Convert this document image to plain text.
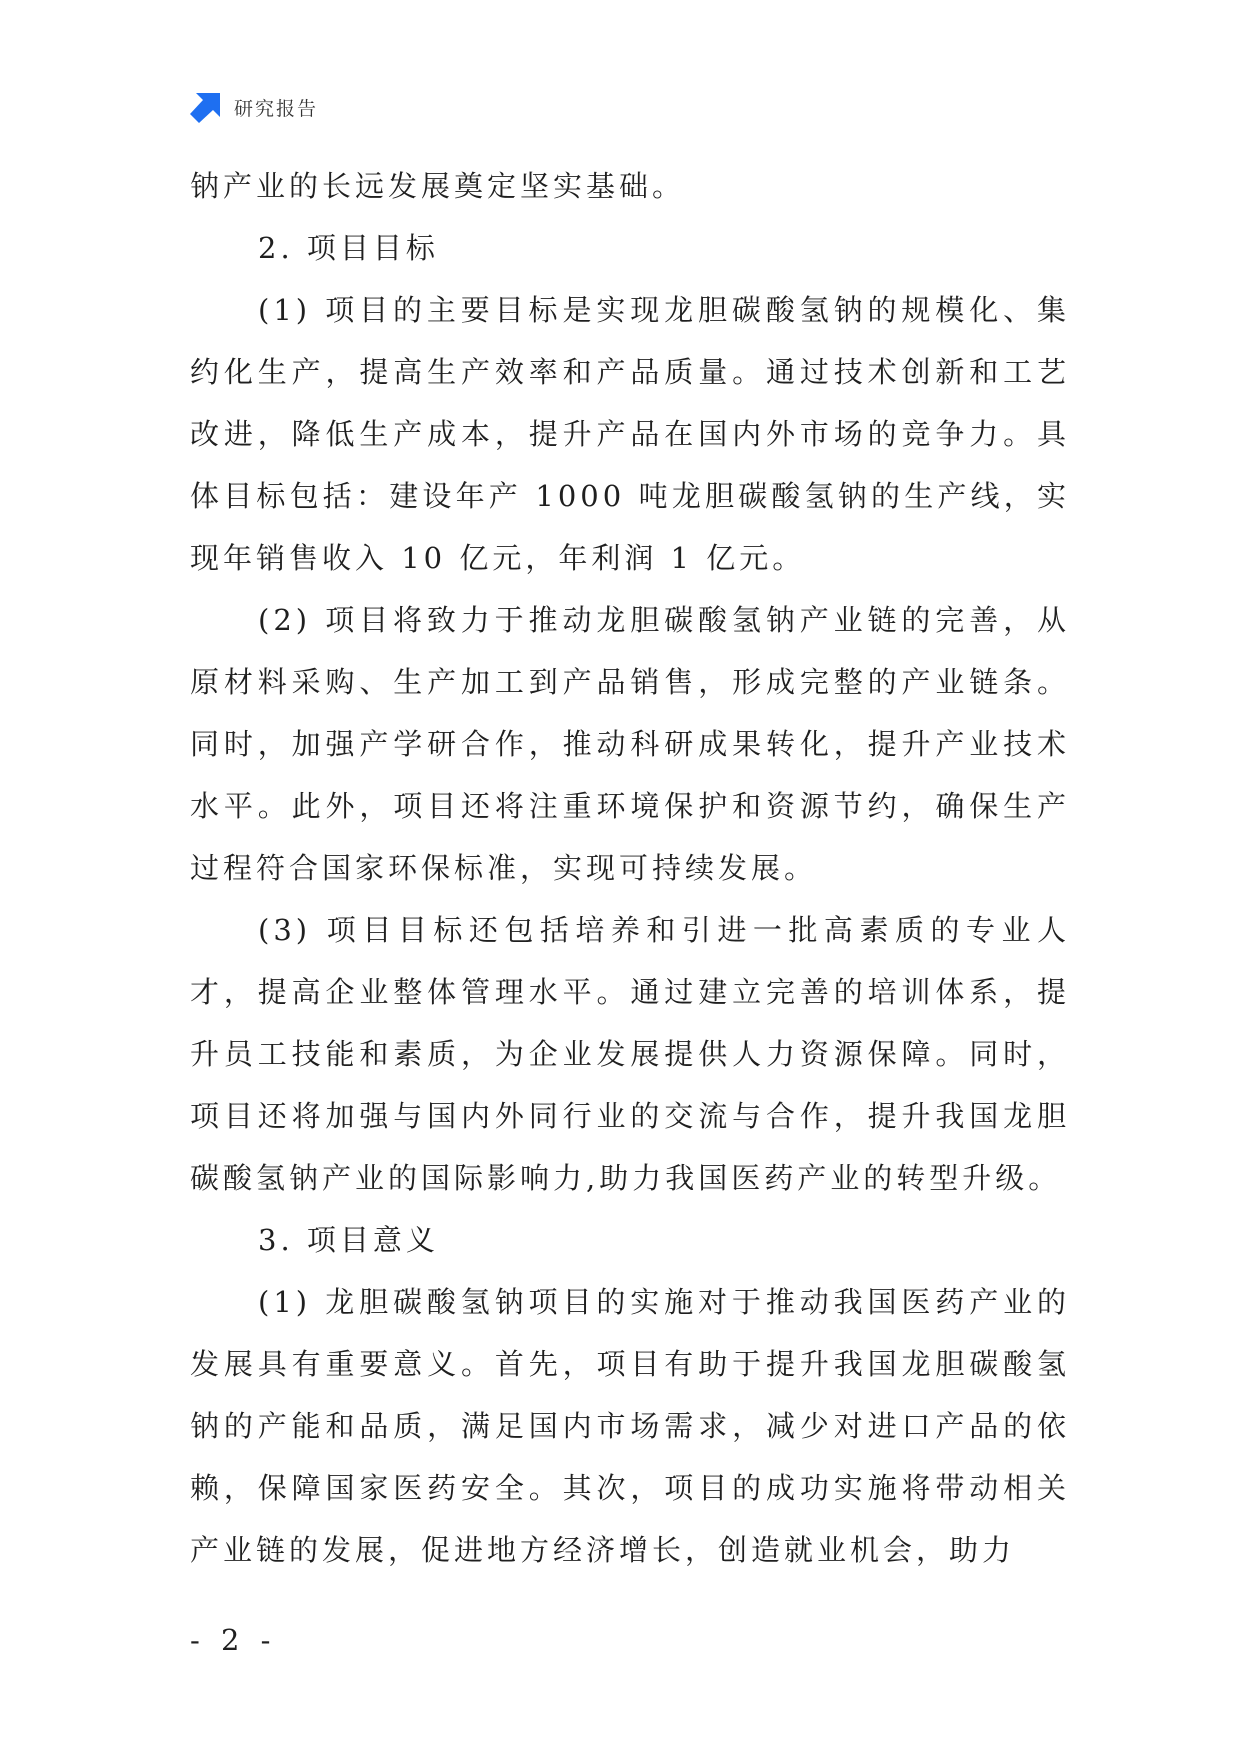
研究报告

钠产业的长远发展奠定坚实基础。

2. 项目目标

(1) 项目的主要目标是实现龙胆碳酸氢钠的规模化、集约化生产，提高生产效率和产品质量。通过技术创新和工艺改进，降低生产成本，提升产品在国内外市场的竞争力。具体目标包括：建设年产 1000 吨龙胆碳酸氢钠的生产线，实现年销售收入 10 亿元，年利润 1 亿元。

(2) 项目将致力于推动龙胆碳酸氢钠产业链的完善，从原材料采购、生产加工到产品销售，形成完整的产业链条。同时，加强产学研合作，推动科研成果转化，提升产业技术水平。此外，项目还将注重环境保护和资源节约，确保生产过程符合国家环保标准，实现可持续发展。

(3) 项目目标还包括培养和引进一批高素质的专业人才，提高企业整体管理水平。通过建立完善的培训体系，提升员工技能和素质，为企业发展提供人力资源保障。同时，项目还将加强与国内外同行业的交流与合作，提升我国龙胆碳酸氢钠产业的国际影响力,助力我国医药产业的转型升级。

3. 项目意义

(1) 龙胆碳酸氢钠项目的实施对于推动我国医药产业的发展具有重要意义。首先，项目有助于提升我国龙胆碳酸氢钠的产能和品质，满足国内市场需求，减少对进口产品的依赖，保障国家医药安全。其次，项目的成功实施将带动相关产业链的发展，促进地方经济增长，创造就业机会，助力

- 2 -
